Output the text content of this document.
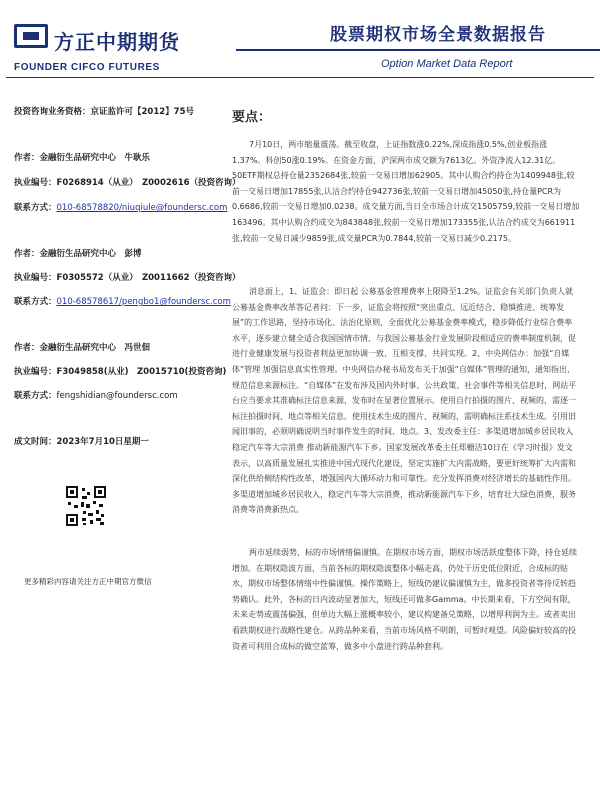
方正中期期货
FOUNDER CIFCO FUTURES
股票期权市场全景数据报告
Option Market Data Report
投资咨询业务资格：京证监许可【2012】75号
作者：金融衍生品研究中心　牛耿乐
执业编号：F0268914（从业）　Z0002616（投资咨询）
联系方式：010-68578820/niuqiule@foundersc.com
作者：金融衍生品研究中心　彭博
执业编号：F0305572（从业）　Z0011662（投资咨询）
联系方式：010-68578617/pengbo1@foundersc.com
作者：金融衍生品研究中心　冯世佃
执业编号：F3049858(从业)　Z0015710(投资咨询)
联系方式：fengshidian@foundersc.com
成文时间：2023年7月10日星期一
更多精彩内容请关注方正中期官方微信
要点：

7月10日，两市缩量震荡。截至收盘，上证指数涨0.22%,深成指涨0.5%,创业板指涨1.37%。科创50涨0.19%。在资金方面，沪深两市成交额为7613亿。外资净流入12.31亿。50ETF期权总持仓量2352684张,较前一交易日增加62905。其中认购合约持仓为1409948张,较前一交易日增加17855张,认沽合约持仓942736张,较前一交易日增加45050张,持仓量PCR为0.6686,较前一交易日增加0.0238。成交量方面,当日全市场合计成交1505759,较前一交易日增加163496。其中认购合约成交为843848张,较前一交易日增加173355张,认沽合约成交为661911张,较前一交易日减少9859张,成交量PCR为0.7844,较前一交易日减少0.2175。

消息面上，1、证监会：即日起 公募基金管理费率上限降至1.2%。证监会有关部门负责人就公募基金费率改革答记者问：下一步，证监会将按照“突出重点、远近结合、稳慎推进、统筹发展”的工作思路，坚持市场化、法治化原则，全面优化公募基金费率模式，稳步降低行业综合费率水平，逐步建立健全适合我国国情市情、与我国公募基金行业发展阶段相适应的费率制度机制，促进行业健康发展与投资者利益更加协调一致、互相支撑、共同实现。2、中央网信办：加强“自媒体”管理 加强信息真实性管理。中央网信办秘书局发布关于加强“自媒体”管理的通知，通知指出，规范信息来源标注。“自媒体”在发布涉及国内外时事、公共政策、社会事件等相关信息时，网站平台应当要求其准确标注信息来源，发布时在显著位置展示。使用自行拍摄的图片、视频的，需逐一标注拍摄时间、地点等相关信息。使用技术生成的图片、视频的，需明确标注系技术生成。引用旧闻旧事的，必须明确说明当时事件发生的时间、地点。3、发改委主任：多渠道增加城乡居民收入 稳定汽车等大宗消费 推动新能源汽车下乡。国家发展改革委主任郑栅洁10日在《学习时报》发文表示，以高质量发展扎实推进中国式现代化建设，坚定实施扩大内需战略，要更好统筹扩大内需和深化供给侧结构性改革，增强国内大循环动力和可靠性。充分发挥消费对经济增长的基础性作用。多渠道增加城乡居民收入，稳定汽车等大宗消费，推动新能源汽车下乡，培育壮大绿色消费，服务消费等消费新热点。

两市延续弱势，标的市场情绪偏谨慎。在期权市场方面，期权市场活跃度整体下降，持仓延续增加。在期权隐波方面，当前各标的期权隐波整体小幅走高，仍处于历史低位附近，合成标的贴水，期权市场整体情绪中性偏谨慎。操作策略上，短线仍建议偏谨慎为主，做多投资者等待反转趋势确认。此外，各标的日内波动显著加大，短线还可做多Gamma。中长期来看，下方空间有限，未来走势或震荡偏强，但单边大幅上涨概率较小，建议构建备兑策略，以增厚利润为主。或者卖出看跌期权进行战略性建仓。从跨品种来看，当前市场风格不明朗，可暂时观望。风险偏好较高的投资者可利用合成标的做空蓝筹，做多中小盘进行跨品种套利。
